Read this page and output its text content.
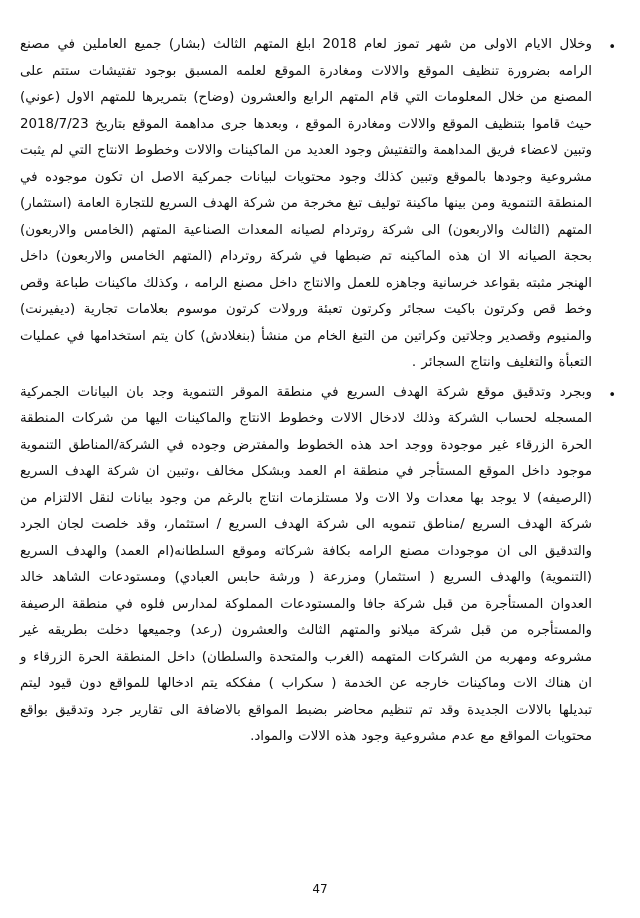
•

وخلال الايام الاولى من شهر تموز لعام 2018 ابلغ المتهم الثالث (بشار) جميع العاملين في مصنع الرامه بضرورة تنظيف الموقع والالات ومغادرة الموقع لعلمه المسبق بوجود تفتيشات ستتم على المصنع من خلال المعلومات التي قام المتهم الرابع والعشرون (وضاح) بتمريرها للمتهم الاول (عوني) حيث قاموا بتنظيف الموقع والالات ومغادرة الموقع ، وبعدها جرى مداهمة الموقع بتاريخ 2018/7/23 وتبين لاعضاء فريق المداهمة والتفتيش وجود العديد من الماكينات والالات وخطوط الانتاج التي لم يثبت مشروعية وجودها بالموقع وتبين كذلك وجود محتويات لبيانات جمركية الاصل ان تكون موجوده في المنطقة التنموية ومن بينها ماكينة توليف تبغ مخرجة من شركة الهدف السريع للتجارة العامة (استثمار) المتهم (الثالث والاربعون) الى شركة روتردام لصيانه المعدات الصناعية المتهم (الخامس والاربعون) بحجة الصيانه الا ان هذه الماكينه تم ضبطها في شركة روتردام (المتهم الخامس والاربعون) داخل الهنجر مثبته بقواعد خرسانية وجاهزه للعمل والانتاج داخل مصنع الرامه ، وكذلك ماكينات طباعة وقص وخط قص وكرتون باكيت سجائر وكرتون تعبئة ورولات كرتون موسوم بعلامات تجارية (ديفيرنت) والمنيوم وقصدير وجلاتين وكراتين من التبغ الخام من منشأ (بنغلادش) كان يتم استخدامها في عمليات التعبأة والتغليف وانتاج السجائر .

•

وبجرد وتدقيق موقع شركة الهدف السريع في منطقة الموقر التنموية وجد بان البيانات الجمركية المسجله لحساب الشركة وذلك لادخال الالات وخطوط الانتاج والماكينات اليها من شركات المنطقة الحرة الزرقاء غير موجودة ووجد احد هذه الخطوط والمفترض وجوده في الشركة/المناطق التنموية موجود داخل الموقع المستأجر في منطقة ام العمد وبشكل مخالف ،وتبين ان شركة الهدف السريع (الرصيفه) لا يوجد بها معدات ولا الات ولا مستلزمات انتاج بالرغم من وجود بيانات لنقل الالتزام من شركة الهدف السريع /مناطق تنمويه الى شركة الهدف السريع / استثمار، وقد خلصت لجان الجرد والتدقيق الى ان موجودات مصنع الرامه بكافة شركاته وموقع السلطانه(ام العمد) والهدف السريع (التنموية) والهدف السريع ( استثمار) ومزرعة ( ورشة حابس العبادي) ومستودعات الشاهد خالد العدوان المستأجرة من قبل شركة جافا والمستودعات المملوكة لمدارس فلوه في منطقة الرصيفة والمستأجره من قبل شركة ميلانو والمتهم الثالث والعشرون (رعد) وجميعها دخلت بطريقه غير مشروعه ومهربه من الشركات المتهمه (الغرب والمتحدة والسلطان) داخل المنطقة الحرة الزرقاء و ان هناك الات وماكينات خارجه عن الخدمة ( سكراب ) مفككه يتم ادخالها للمواقع دون قيود ليتم تبديلها بالالات الجديدة وقد تم تنظيم محاضر بضبط المواقع بالاضافة الى تقارير جرد وتدقيق بواقع محتويات المواقع مع عدم مشروعية وجود هذه الالات والمواد.

47
